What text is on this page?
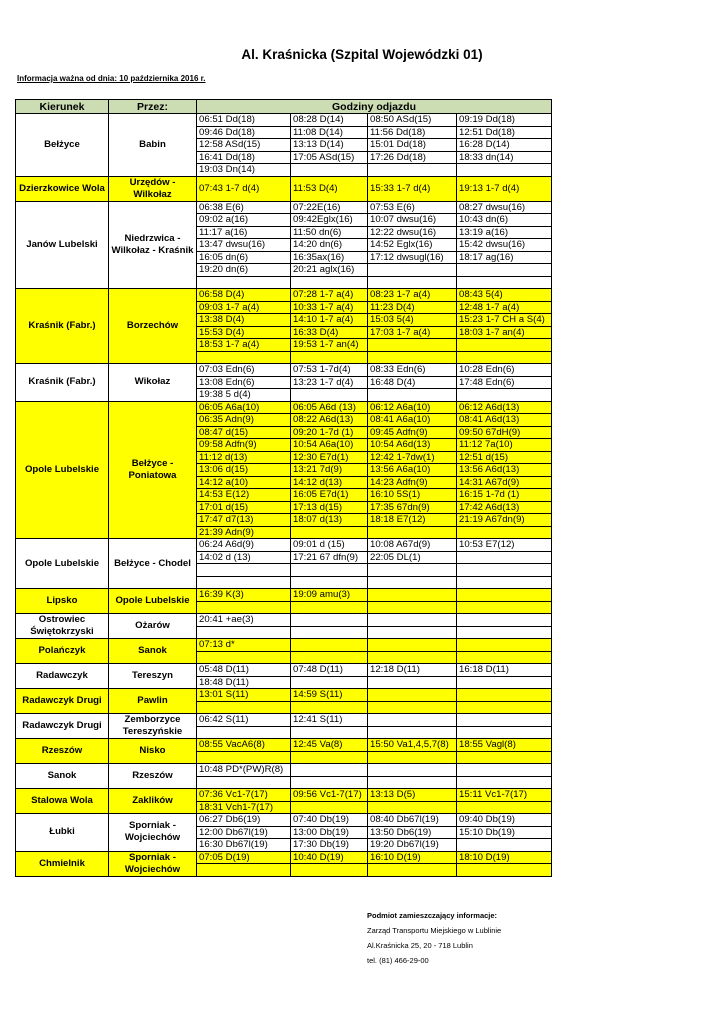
Al. Kraśnicka (Szpital Wojewódzki 01)
Informacja ważna od dnia: 10 października 2016 r.
Kierunek	Przez:	Godziny odjazdu			
Bełżyce	Babin	06:51 Dd(18)	08:28 D(14)	08:50 ASd(15)	09:19 Dd(18)
		09:46 Dd(18)	11:08 D(14)	11:56 Dd(18)	12:51 Dd(18)
		12:58 ASd(15)	13:13 D(14)	15:01 Dd(18)	16:28 D(14)
		16:41 Dd(18)	17:05 ASd(15)	17:26 Dd(18)	18:33 dn(14)
		19:03 Dn(14)			
Dzierzkowice Wola	Urzędów - Wilkołaz	07:43 1-7 d(4)	11:53 D(4)	15:33 1-7 d(4)	19:13 1-7 d(4)
Janów Lubelski	Niedrzwica - Wilkołaz - Kraśnik	06:38 E(6)	07:22E(16)	07:53 E(6)	08:27 dwsu(16)
		09:02 a(16)	09:42Eglx(16)	10:07 dwsu(16)	10:43 dn(6)
		11:17 a(16)	11:50 dn(6)	12:22 dwsu(16)	13:19 a(16)
		13:47 dwsu(16)	14:20 dn(6)	14:52 Eglx(16)	15:42 dwsu(16)
		16:05 dn(6)	16:35ax(16)	17:12 dwsugl(16)	18:17 ag(16)
		19:20 dn(6)	20:21 aglx(16)		

Kraśnik (Fabr.)	Borzechów	06:58 D(4)	07:28 1-7 a(4)	08:23 1-7 a(4)	08:43 5(4)
		09:03 1-7 a(4)	10:33 1-7 a(4)	11:23 D(4)	12:48 1-7 a(4)
		13:38 D(4)	14:10 1-7 a(4)	15:03 5(4)	15:23 1-7 CH a S(4)
		15:53 D(4)	16:33 D(4)	17:03 1-7 a(4)	18:03 1-7 an(4)
		18:53 1-7 a(4)	19:53 1-7 an(4)		

Kraśnik (Fabr.)	Wikołaz	07:03 Edn(6)	07:53 1-7d(4)	08:33 Edn(6)	10:28 Edn(6)
		13:08 Edn(6)	13:23 1-7 d(4)	16:48 D(4)	17:48 Edn(6)
		19:38 5 d(4)			
Opole Lubelskie	Bełżyce - Poniatowa	06:05 A6a(10)	06:05 A6d (13)	06:12 A6a(10)	06:12 A6d(13)
		06:35 Adn(9)	08:22 A6d(13)	08:41 A6a(10)	08:41 A6d(13)
		08:47 d(15)	09:20 1-7d (1)	09:45 Adfn(9)	09:50 67dH(9)
		09:58 Adfn(9)	10:54 A6a(10)	10:54 A6d(13)	11:12 7a(10)
		11:12 d(13)	12:30 E7d(1)	12:42 1-7dw(1)	12:51 d(15)
		13:06 d(15)	13:21 7d(9)	13:56 A6a(10)	13:56 A6d(13)
		14:12 a(10)	14:12 d(13)	14:23 Adfn(9)	14:31 A67d(9)
		14:53 E(12)	16:05 E7d(1)	16:10 5S(1)	16:15 1-7d (1)
		17:01 d(15)	17:13 d(15)	17:35 67dn(9)	17:42 A6d(13)
		17:47 d7(13)	18:07 d(13)	18:18 E7(12)	21:19 A67dn(9)
		21:39 Adn(9)			
Opole Lubelskie	Bełżyce - Chodel	06:24 A6d(9)	09:01 d (15)	10:08 A67d(9)	10:53 E7(12)
		14:02 d (13)	17:21 67 dfn(9)	22:05 DL(1)	

Lipsko	Opole Lubelskie	16:39 K(3)	19:09 amu(3)		

Ostrowiec Świętokrzyski	Ożarów	20:41 +ae(3)			

Polańczyk	Sanok	07:13 d*			

Radawczyk	Tereszyn	05:48 D(11)	07:48 D(11)	12:18 D(11)	16:18 D(11)
		18:48 D(11)			
Radawczyk Drugi	Pawlin	13:01 S(11)	14:59 S(11)		

Radawczyk Drugi	Zemborzyce Tereszyńskie	06:42 S(11)	12:41 S(11)		

Rzeszów	Nisko	08:55 VacA6(8)	12:45 Va(8)	15:50 Va1,4,5,7(8)	18:55 Vagl(8)

Sanok	Rzeszów	10:48 PD*(PW)R(8)			

Stalowa Wola	Zaklików	07:36 Vc1-7(17)	09:56 Vc1-7(17)	13:13 D(5)	15:11 Vc1-7(17)
		18:31 Vch1-7(17)			
Łubki	Sporniak - Wojciechów	06:27 Db6(19)	07:40 Db(19)	08:40 Db67l(19)	09:40 Db(19)
		12:00 Db67l(19)	13:00 Db(19)	13:50 Db6(19)	15:10 Db(19)
		16:30 Db67l(19)	17:30 Db(19)	19:20 Db67l(19)	
Chmielnik	Sporniak - Wojciechów	07:05 D(19)	10:40 D(19)	16:10 D(19)	18:10 D(19)

Podmiot zamieszczający informacje:
Zarząd Transportu Miejskiego w Lublinie
Al.Kraśnicka 25, 20 - 718 Lublin
tel. (81) 466-29-00
